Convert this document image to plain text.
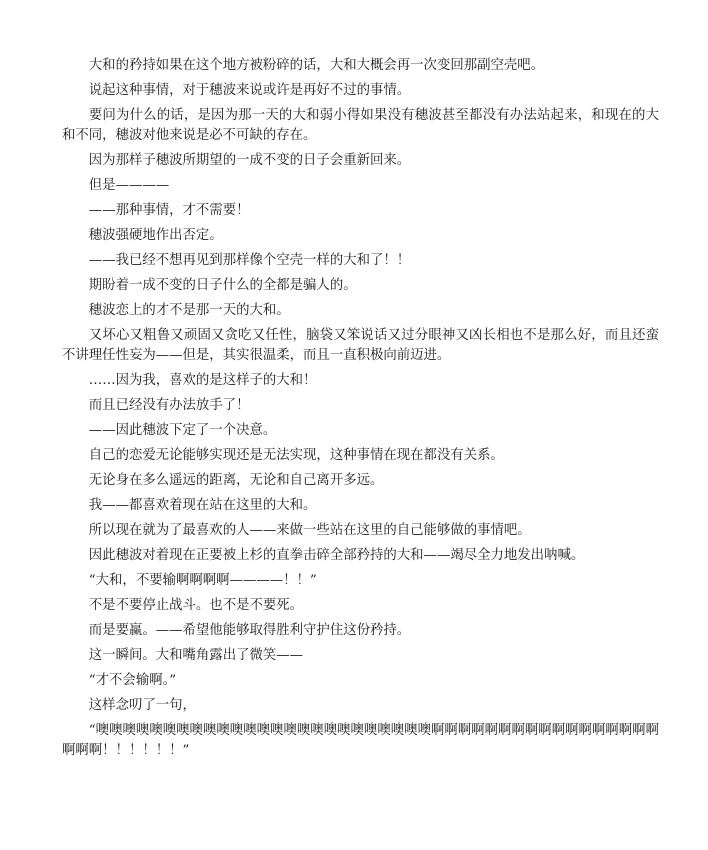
大和的矜持如果在这个地方被粉碎的话，大和大概会再一次变回那副空壳吧。

说起这种事情，对于穗波来说或许是再好不过的事情。

要问为什么的话，是因为那一天的大和弱小得如果没有穗波甚至都没有办法站起来，和现在的大和不同，穗波对他来说是必不可缺的存在。

因为那样子穗波所期望的一成不变的日子会重新回来。

但是————

——那种事情，才不需要！

穗波强硬地作出否定。

——我已经不想再见到那样像个空壳一样的大和了！！

期盼着一成不变的日子什么的全都是骗人的。

穗波恋上的才不是那一天的大和。

又坏心又粗鲁又顽固又贪吃又任性，脑袋又笨说话又过分眼神又凶长相也不是那么好，而且还蛮不讲理任性妄为——但是，其实很温柔，而且一直积极向前迈进。

……因为我，喜欢的是这样子的大和！

而且已经没有办法放手了！

——因此穗波下定了一个决意。

自己的恋爱无论能够实现还是无法实现，这种事情在现在都没有关系。

无论身在多么遥远的距离，无论和自己离开多远。

我——都喜欢着现在站在这里的大和。

所以现在就为了最喜欢的人——来做一些站在这里的自己能够做的事情吧。

因此穗波对着现在正要被上杉的直拳击碎全部矜持的大和——竭尽全力地发出呐喊。

“大和，不要输啊啊啊啊————！！”

不是不要停止战斗。也不是不要死。

而是要赢。——希望他能够取得胜利守护住这份矜持。

这一瞬间。大和嘴角露出了微笑——

“才不会输啊。”

这样念叨了一句，

“噢噢噢噢噢噢噢噢噢噢噢噢噢噢噢噢噢噢噢噢噢噢噢噢噢啊啊啊啊啊啊啊啊啊啊啊啊啊啊啊啊啊啊啊啊！！！！！！”
